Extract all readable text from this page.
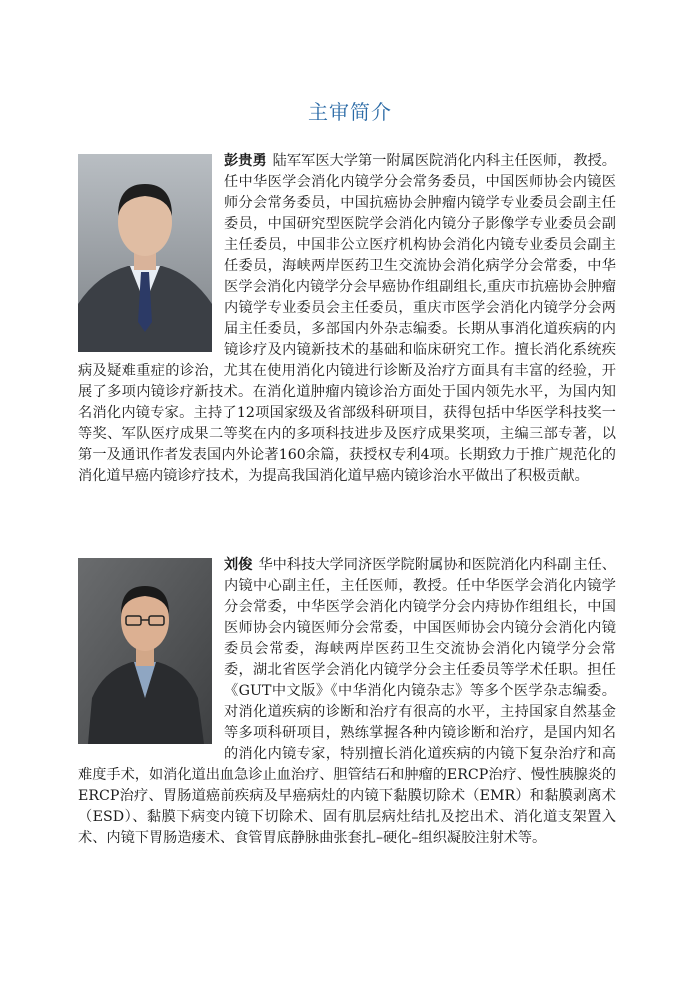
主审简介
彭贵勇 陆军军医大学第一附属医院消化内科主任医师， 教授。任中华医学会消化内镜学分会常务委员，中国医师协会内镜医师分会常务委员，中国抗癌协会肿瘤内镜学专业委员会副主任委员，中国研究型医院学会消化内镜分子影像学专业委员会副主任委员，中国非公立医疗机构协会消化内镜专业委员会副主任委员，海峡两岸医药卫生交流协会消化病学分会常委，中华医学会消化内镜学分会早癌协作组副组长,重庆市抗癌协会肿瘤内镜学专业委员会主任委员，重庆市医学会消化内镜学分会两届主任委员，多部国内外杂志编委。长期从事消化道疾病的内镜诊疗及内镜新技术的基础和临床研究工作。擅长消化系统疾病及疑难重症的诊治，尤其在使用消化内镜进行诊断及治疗方面具有丰富的经验，开展了多项内镜诊疗新技术。在消化道肿瘤内镜诊治方面处于国内领先水平，为国内知名消化内镜专家。主持了12项国家级及省部级科研项目，获得包括中华医学科技奖一等奖、军队医疗成果二等奖在内的多项科技进步及医疗成果奖项，主编三部专著，以第一及通讯作者发表国内外论著160余篇，获授权专利4项。长期致力于推广规范化的消化道早癌内镜诊疗技术，为提高我国消化道早癌内镜诊治水平做出了积极贡献。
刘俊 华中科技大学同济医学院附属协和医院消化内科副 主任、内镜中心副主任，主任医师，教授。任中华医学会消化内镜学分会常委，中华医学会消化内镜学分会内痔协作组组长，中国医师协会内镜医师分会常委，中国医师协会内镜分会消化内镜委员会常委，海峡两岸医药卫生交流协会消化内镜学分会常委，湖北省医学会消化内镜学分会主任委员等学术任职。担任《GUT中文版》《中华消化内镜杂志》等多个医学杂志编委。对消化道疾病的诊断和治疗有很高的水平，主持国家自然基金等多项科研项目，熟练掌握各种内镜诊断和治疗，是国内知名的消化内镜专家，特别擅长消化道疾病的内镜下复杂治疗和高难度手术，如消化道出血急诊止血治疗、胆管结石和肿瘤的ERCP治疗、慢性胰腺炎的ERCP治疗、胃肠道癌前疾病及早癌病灶的内镜下黏膜切除术（EMR）和黏膜剥离术（ESD）、黏膜下病变内镜下切除术、固有肌层病灶结扎及挖出术、消化道支架置入术、内镜下胃肠造瘘术、食管胃底静脉曲张套扎–硬化–组织凝胶注射术等。
